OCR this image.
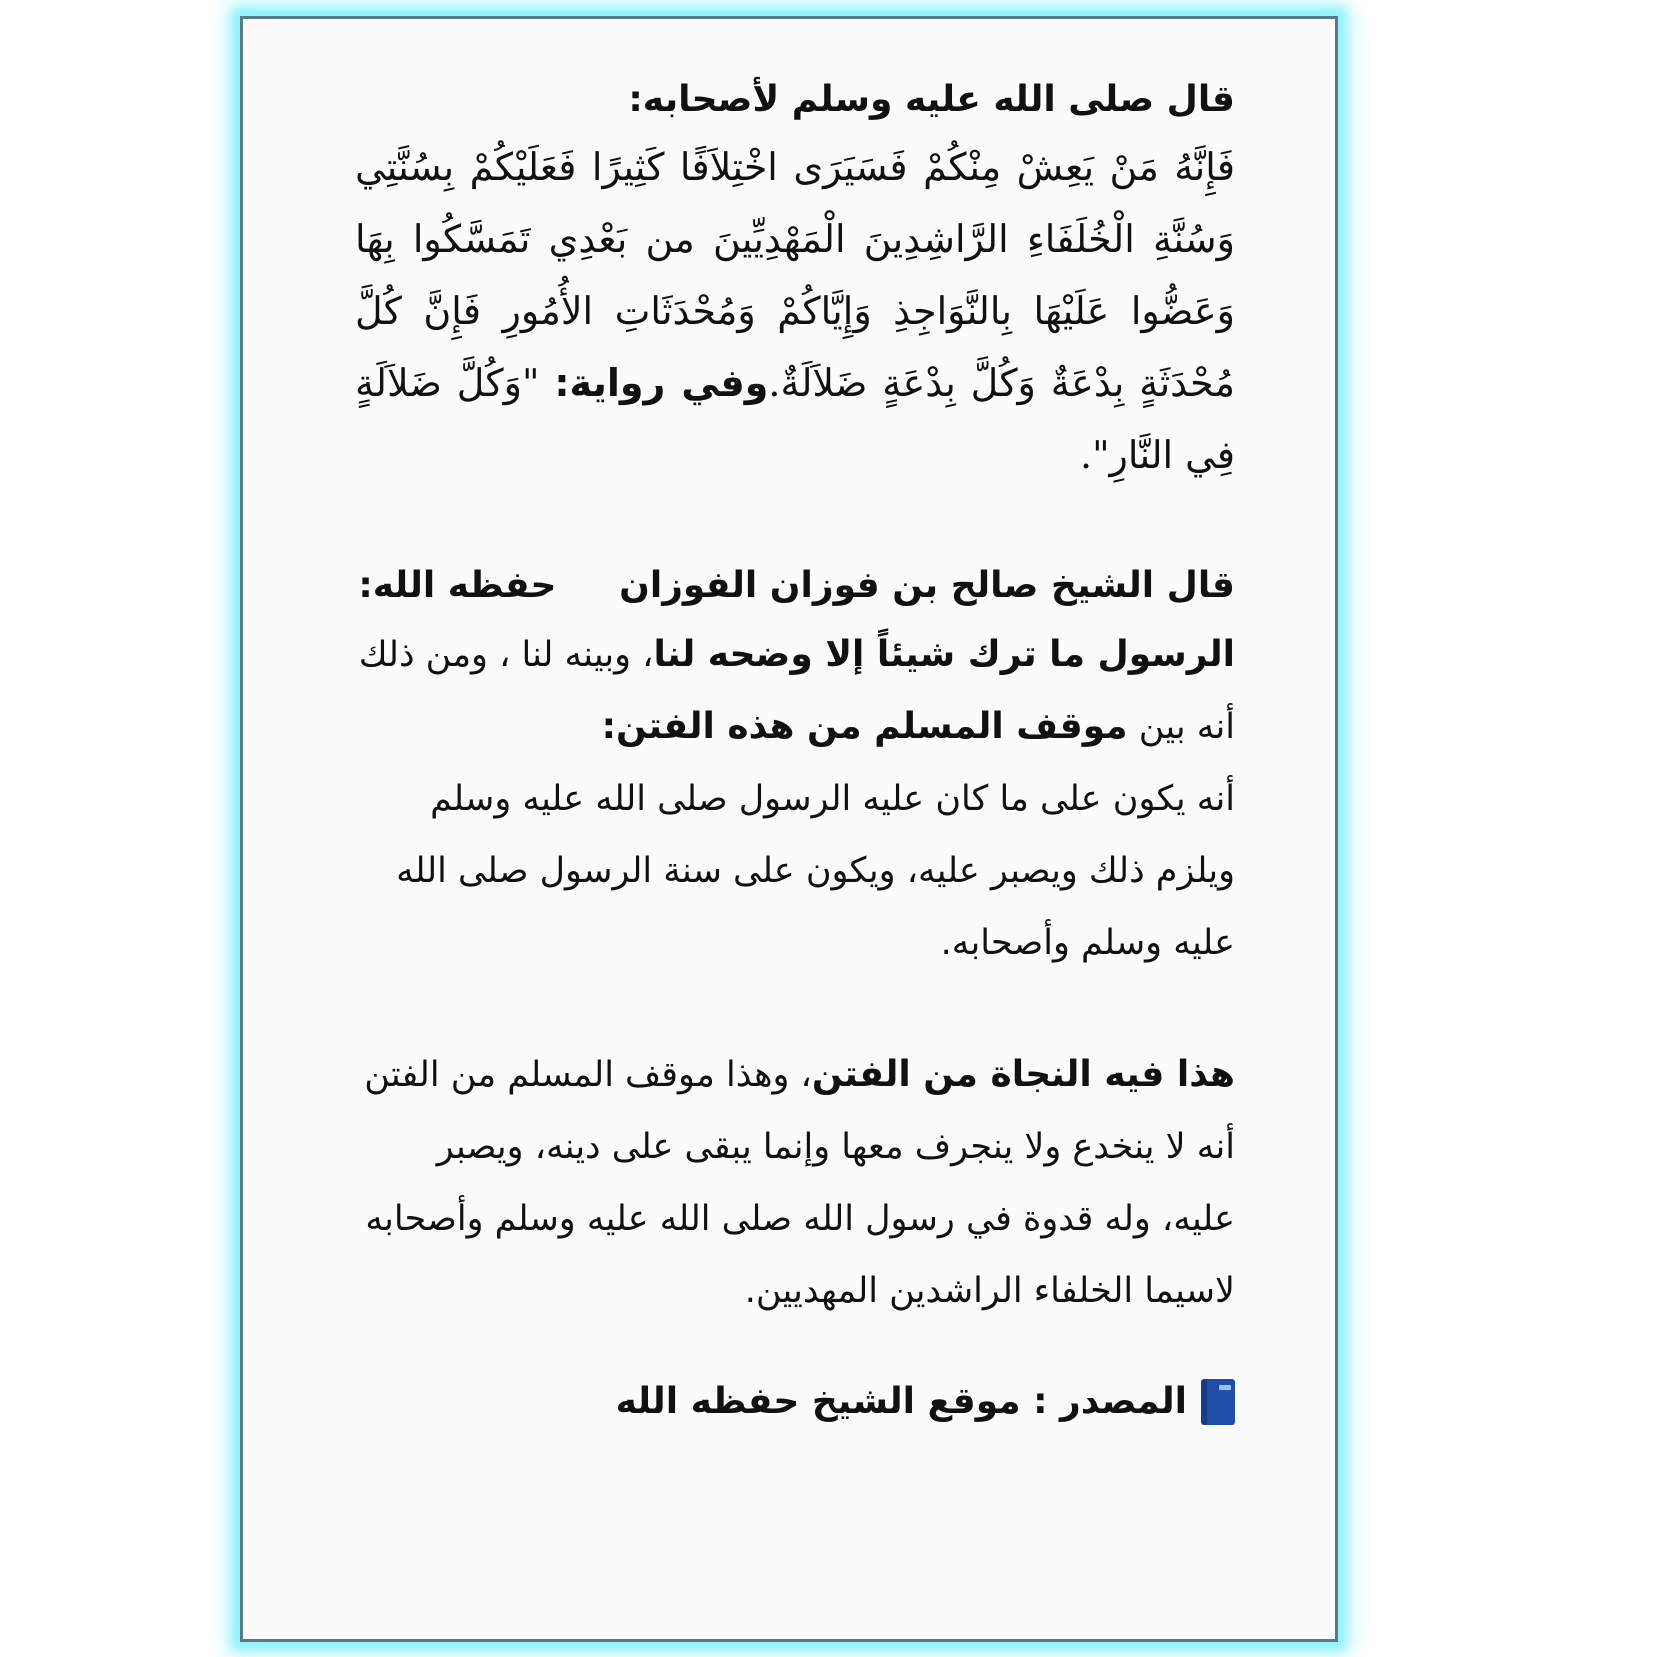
قال صلى الله عليه وسلم لأصحابه:

فَإِنَّهُ مَنْ يَعِشْ مِنْكُمْ فَسَيَرَى اخْتِلاَفًا كَثِيرًا فَعَلَيْكُمْ بِسُنَّتِي وَسُنَّةِ الْخُلَفَاءِ الرَّاشِدِينَ الْمَهْدِيِّينَ من بَعْدِي تَمَسَّكُوا بِهَا وَعَضُّوا عَلَيْهَا بِالنَّوَاجِذِ وَإِيَّاكُمْ وَمُحْدَثَاتِ الأُمُورِ فَإِنَّ كُلَّ مُحْدَثَةٍ بِدْعَةٌ وَكُلَّ بِدْعَةٍ ضَلاَلَةٌ.وفي رواية: "وَكُلَّ ضَلاَلَةٍ فِي النَّارِ".

قال الشيخ صالح بن فوزان الفوزان     حفظه الله:

الرسول ما ترك شيئاً إلا وضحه لنا، وبينه لنا ، ومن ذلك أنه بين موقف المسلم من هذه الفتن:

أنه يكون على ما كان عليه الرسول صلى الله عليه وسلم ويلزم ذلك ويصبر عليه، ويكون على سنة الرسول صلى الله عليه وسلم وأصحابه.

هذا فيه النجاة من الفتن، وهذا موقف المسلم من الفتن أنه لا ينخدع ولا ينجرف معها وإنما يبقى على دينه، ويصبر عليه، وله قدوة في رسول الله صلى الله عليه وسلم وأصحابه لاسيما الخلفاء الراشدين المهديين.

المصدر : موقع الشيخ حفظه الله
